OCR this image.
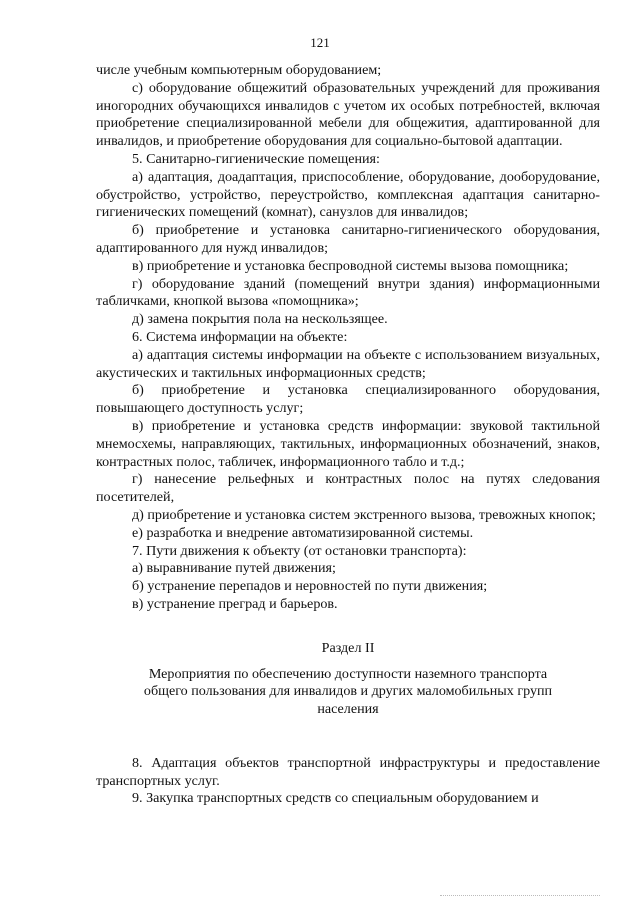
121

числе учебным компьютерным оборудованием;

с) оборудование общежитий образовательных учреждений для проживания иногородних обучающихся инвалидов с учетом их особых потребностей, включая приобретение специализированной мебели для общежития, адаптированной для инвалидов, и приобретение оборудования для социально-бытовой адаптации.

5. Санитарно-гигиенические помещения:

а) адаптация, доадаптация, приспособление, оборудование, дооборудование, обустройство, устройство, переустройство, комплексная адаптация санитарно-гигиенических помещений (комнат), санузлов для инвалидов;

б) приобретение и установка санитарно-гигиенического оборудования, адаптированного для нужд инвалидов;

в) приобретение и установка беспроводной системы вызова помощника;

г) оборудование зданий (помещений внутри здания) информационными табличками, кнопкой вызова «помощника»;

д) замена покрытия пола на нескользящее.

6. Система информации на объекте:

а) адаптация системы информации на объекте с использованием визуальных, акустических и тактильных информационных средств;

б) приобретение и установка специализированного оборудования, повышающего доступность услуг;

в) приобретение и установка средств информации: звуковой тактильной мнемосхемы, направляющих, тактильных, информационных обозначений, знаков, контрастных полос, табличек, информационного табло и т.д.;

г) нанесение рельефных и контрастных полос на путях следования посетителей,

д) приобретение и установка систем экстренного вызова, тревожных кнопок;

е) разработка и внедрение автоматизированной системы.

7. Пути движения к объекту (от остановки транспорта):

а) выравнивание путей движения;

б) устранение перепадов и неровностей по пути движения;

в) устранение преград и барьеров.

Раздел II

Мероприятия по обеспечению доступности наземного транспорта

общего пользования для инвалидов и других маломобильных групп

населения

8. Адаптация объектов транспортной инфраструктуры и предоставление транспортных услуг.

9. Закупка транспортных средств со специальным оборудованием и
